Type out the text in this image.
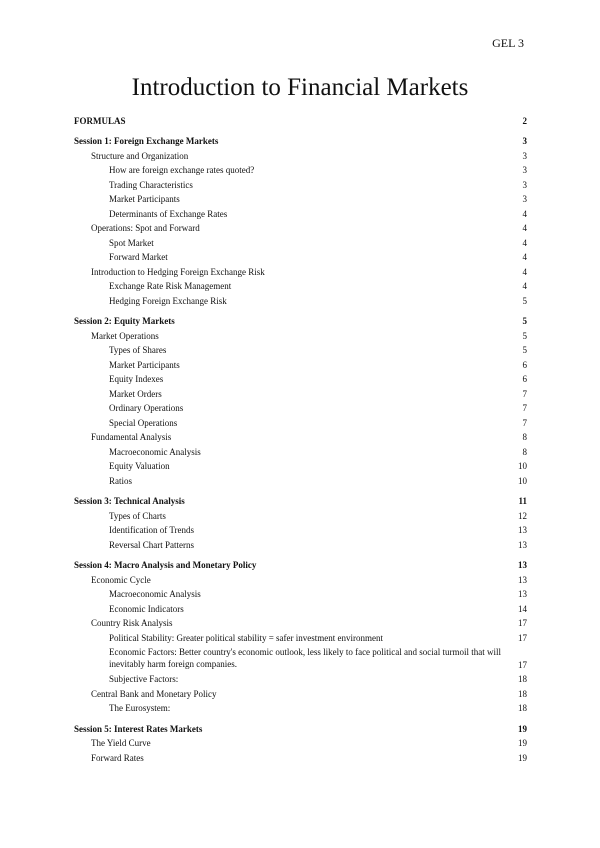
GEL 3
Introduction to Financial Markets
FORMULAS	2
Session 1: Foreign Exchange Markets	3
Structure and Organization	3
How are foreign exchange rates quoted?	3
Trading Characteristics	3
Market Participants	3
Determinants of Exchange Rates	4
Operations: Spot and Forward	4
Spot Market	4
Forward Market	4
Introduction to Hedging Foreign Exchange Risk	4
Exchange Rate Risk Management	4
Hedging Foreign Exchange Risk	5
Session 2: Equity Markets	5
Market Operations	5
Types of Shares	5
Market Participants	6
Equity Indexes	6
Market Orders	7
Ordinary Operations	7
Special Operations	7
Fundamental Analysis	8
Macroeconomic Analysis	8
Equity Valuation	10
Ratios	10
Session 3: Technical Analysis	11
Types of Charts	12
Identification of Trends	13
Reversal Chart Patterns	13
Session 4: Macro Analysis and Monetary Policy	13
Economic Cycle	13
Macroeconomic Analysis	13
Economic Indicators	14
Country Risk Analysis	17
Political Stability: Greater political stability = safer investment environment	17
Economic Factors: Better country's economic outlook, less likely to face political and social turmoil that will inevitably harm foreign companies.	17
Subjective Factors:	18
Central Bank and Monetary Policy	18
The Eurosystem:	18
Session 5: Interest Rates Markets	19
The Yield Curve	19
Forward Rates	19
